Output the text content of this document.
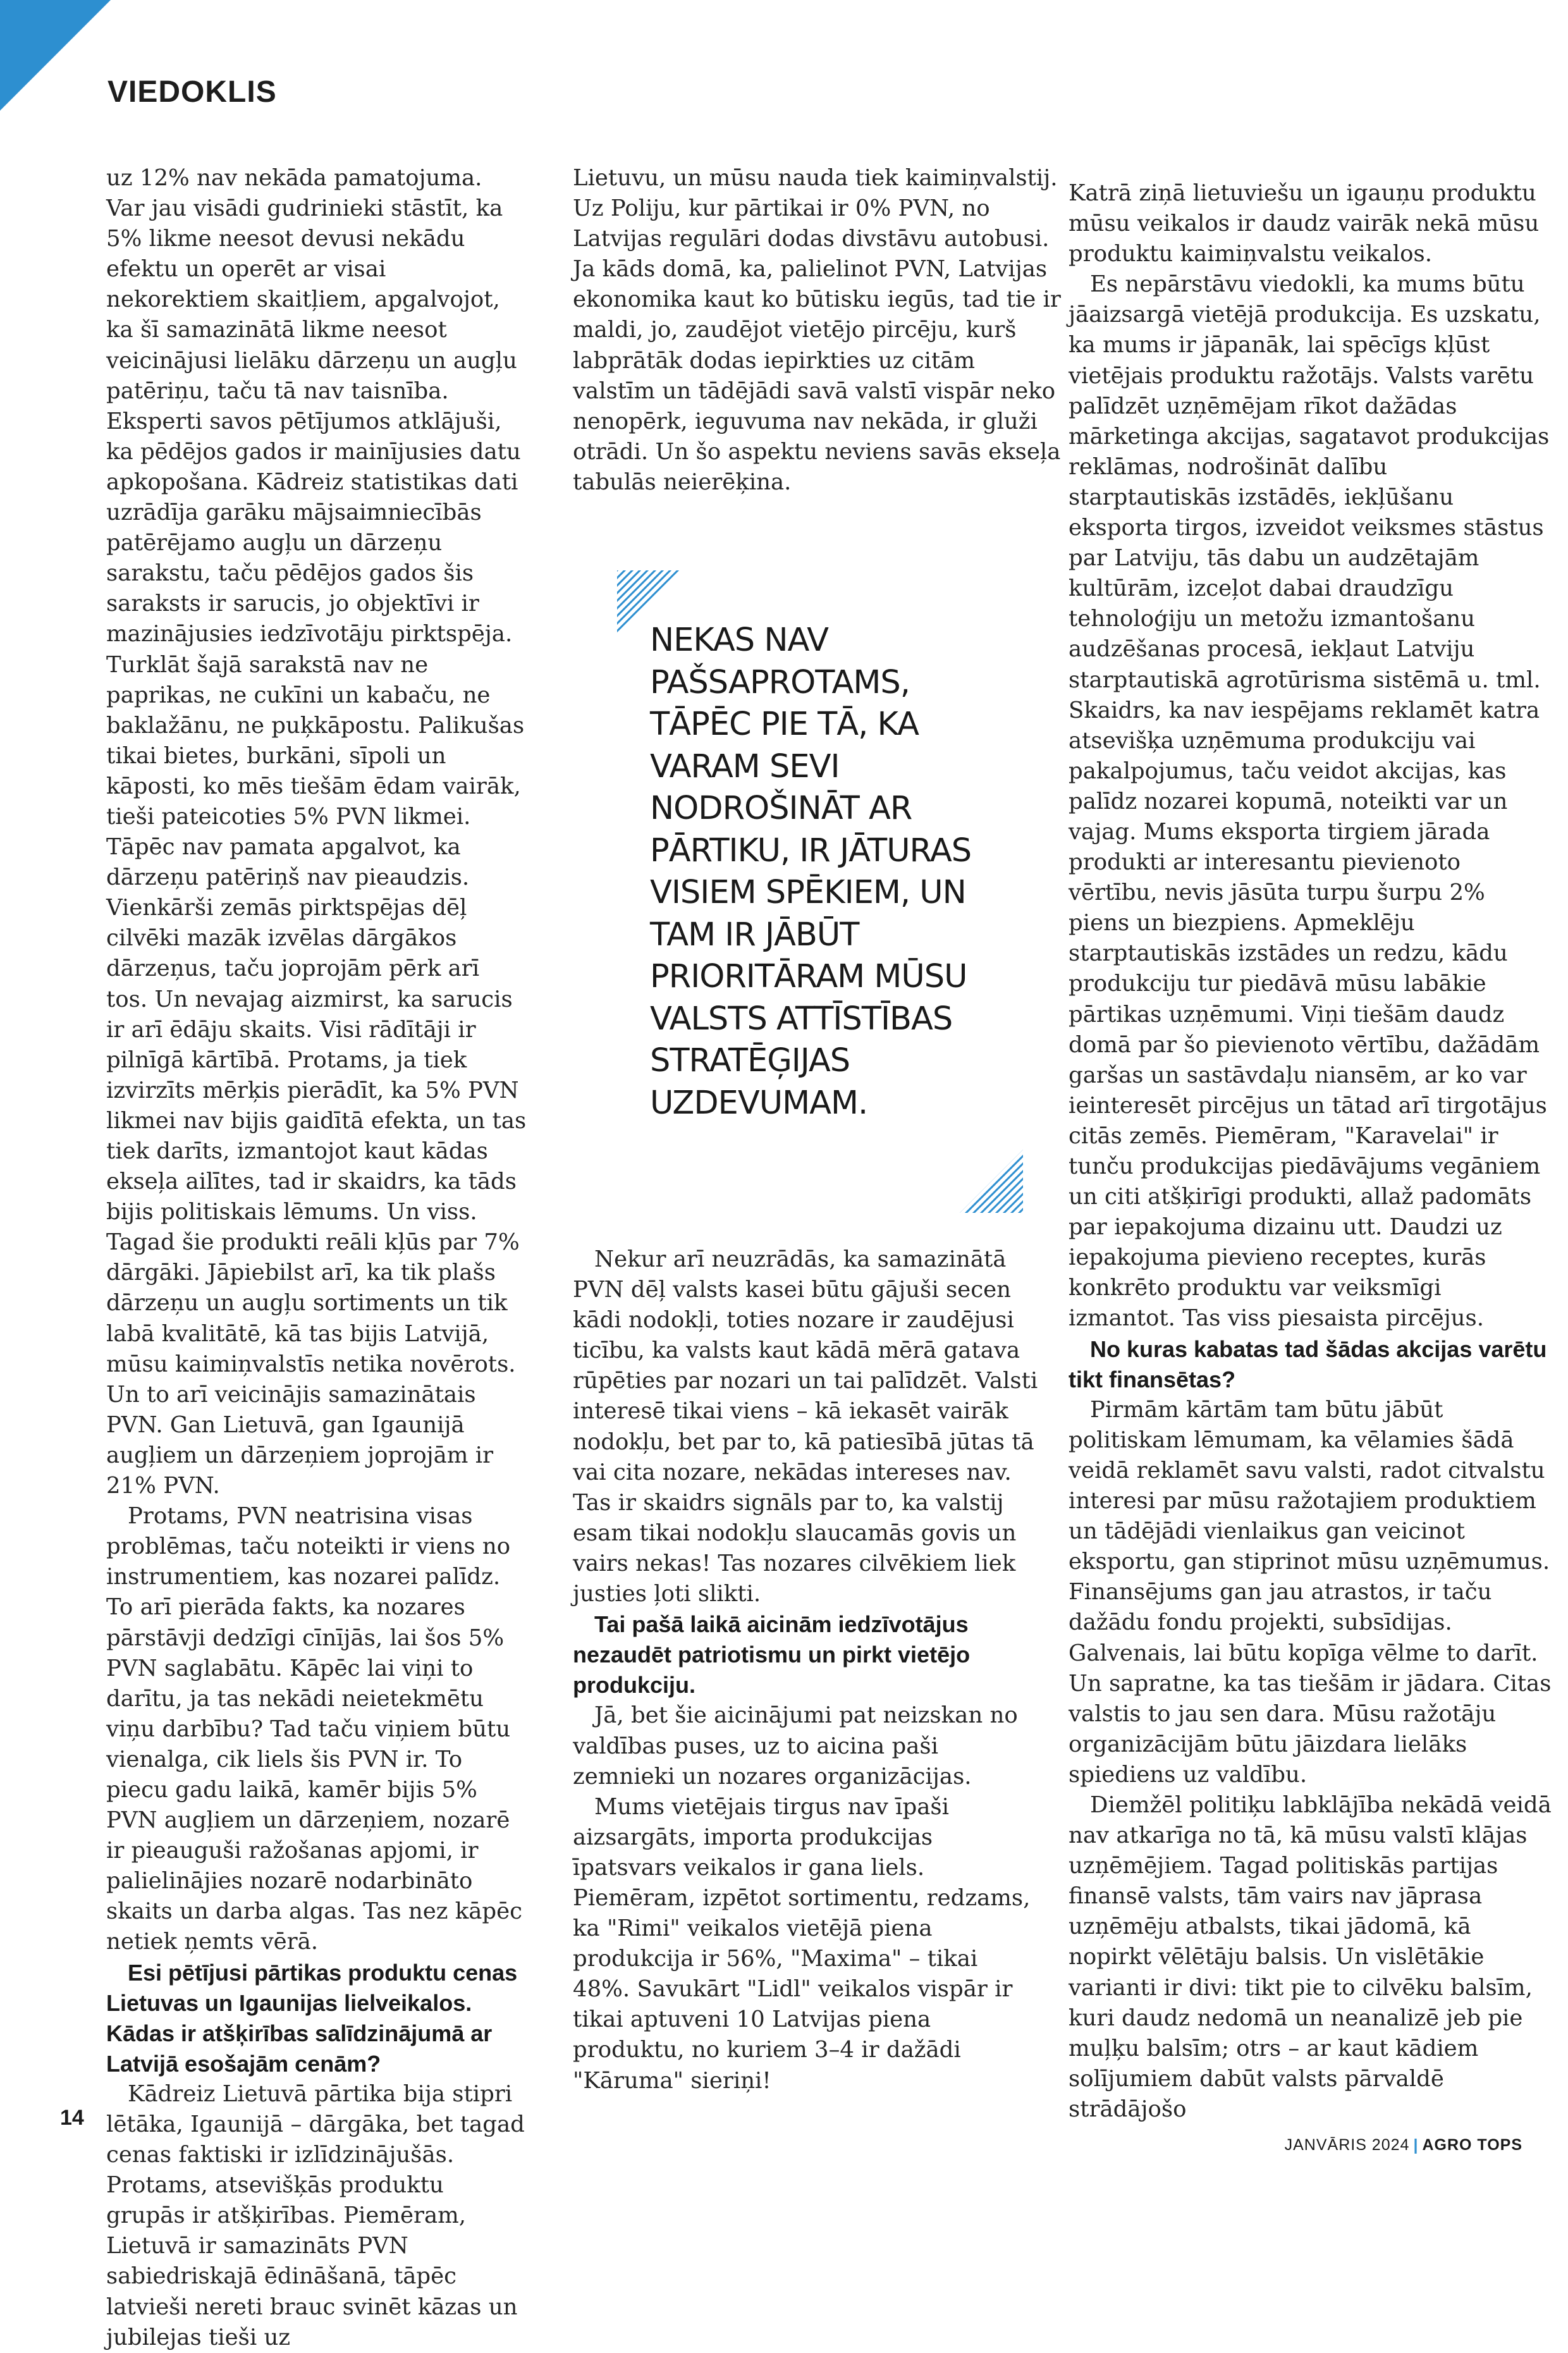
VIEDOKLIS

uz 12% nav nekāda pamatojuma. Var jau visādi gudrinieki stāstīt, ka 5% likme neesot devusi nekādu efektu un operēt ar visai nekorektiem skaitļiem, apgalvojot, ka šī samazinātā likme neesot veicinājusi lielāku dārzeņu un augļu patēriņu, taču tā nav taisnība. Eksperti savos pētījumos atklājuši, ka pēdējos gados ir mainījusies datu apkopošana. Kādreiz statistikas dati uzrādīja garāku mājsaimniecībās patērējamo augļu un dārzeņu sarakstu, taču pēdējos gados šis saraksts ir sarucis, jo objektīvi ir mazinājusies iedzīvotāju pirktspēja. Turklāt šajā sarakstā nav ne paprikas, ne cukīni un kabaču, ne baklažānu, ne puķkāpostu. Palikušas tikai bietes, burkāni, sīpoli un kāposti, ko mēs tiešām ēdam vairāk, tieši pateicoties 5% PVN likmei. Tāpēc nav pamata apgalvot, ka dārzeņu patēriņš nav pieaudzis. Vienkārši zemās pirktspējas dēļ cilvēki mazāk izvēlas dārgākos dārzeņus, taču joprojām pērk arī tos. Un nevajag aizmirst, ka sarucis ir arī ēdāju skaits. Visi rādītāji ir pilnīgā kārtībā. Protams, ja tiek izvirzīts mērķis pierādīt, ka 5% PVN likmei nav bijis gaidītā efekta, un tas tiek darīts, izmantojot kaut kādas ekseļa ailītes, tad ir skaidrs, ka tāds bijis politiskais lēmums. Un viss. Tagad šie produkti reāli kļūs par 7% dārgāki. Jāpiebilst arī, ka tik plašs dārzeņu un augļu sortiments un tik labā kvalitātē, kā tas bijis Latvijā, mūsu kaimiņvalstīs netika novērots. Un to arī veicinājis samazinātais PVN. Gan Lietuvā, gan Igaunijā augļiem un dārzeņiem joprojām ir 21% PVN.

Protams, PVN neatrisina visas problēmas, taču noteikti ir viens no instrumentiem, kas nozarei palīdz. To arī pierāda fakts, ka nozares pārstāvji dedzīgi cīnījās, lai šos 5% PVN saglabātu. Kāpēc lai viņi to darītu, ja tas nekādi neietekmētu viņu darbību? Tad taču viņiem būtu vienalga, cik liels šis PVN ir. To piecu gadu laikā, kamēr bijis 5% PVN augļiem un dārzeņiem, nozarē ir pieauguši ražošanas apjomi, ir palielinājies nozarē nodarbināto skaits un darba algas. Tas nez kāpēc netiek ņemts vērā.

Esi pētījusi pārtikas produktu cenas Lietuvas un Igaunijas lielveikalos. Kādas ir atšķirības salīdzinājumā ar Latvijā esošajām cenām?

Kādreiz Lietuvā pārtika bija stipri lētāka, Igaunijā – dārgāka, bet tagad cenas faktiski ir izlīdzinājušās. Protams, atsevišķās produktu grupās ir atšķirības. Piemēram, Lietuvā ir samazināts PVN sabiedriskajā ēdināšanā, tāpēc latvieši nereti brauc svinēt kāzas un jubilejas tieši uz

Lietuvu, un mūsu nauda tiek kaimiņvalstij. Uz Poliju, kur pārtikai ir 0% PVN, no Latvijas regulāri dodas divstāvu autobusi. Ja kāds domā, ka, palielinot PVN, Latvijas ekonomika kaut ko būtisku iegūs, tad tie ir maldi, jo, zaudējot vietējo pircēju, kurš labprātāk dodas iepirkties uz citām valstīm un tādējādi savā valstī vispār neko nenopērk, ieguvuma nav nekāda, ir gluži otrādi. Un šo aspektu neviens savās ekseļa tabulās neierēķina.

NEKAS NAV PAŠSAPROTAMS, TĀPĒC PIE TĀ, KA VARAM SEVI NODROŠINĀT AR PĀRTIKU, IR JĀTURAS VISIEM SPĒKIEM, UN TAM IR JĀBŪT PRIORITĀRAM MŪSU VALSTS ATTĪSTĪBAS STRATĒĢIJAS UZDEVUMAM.

Nekur arī neuzrādās, ka samazinātā PVN dēļ valsts kasei būtu gājuši secen kādi nodokļi, toties nozare ir zaudējusi ticību, ka valsts kaut kādā mērā gatava rūpēties par nozari un tai palīdzēt. Valsti interesē tikai viens – kā iekasēt vairāk nodokļu, bet par to, kā patiesībā jūtas tā vai cita nozare, nekādas intereses nav. Tas ir skaidrs signāls par to, ka valstij esam tikai nodokļu slaucamās govis un vairs nekas! Tas nozares cilvēkiem liek justies ļoti slikti.

Tai pašā laikā aicinām iedzīvotājus nezaudēt patriotismu un pirkt vietējo produkciju.

Jā, bet šie aicinājumi pat neizskan no valdības puses, uz to aicina paši zemnieki un nozares organizācijas.

Mums vietējais tirgus nav īpaši aizsargāts, importa produkcijas īpatsvars veikalos ir gana liels. Piemēram, izpētot sortimentu, redzams, ka "Rimi" veikalos vietējā piena produkcija ir 56%, "Maxima" – tikai 48%. Savukārt "Lidl" veikalos vispār ir tikai aptuveni 10 Latvijas piena produktu, no kuriem 3–4 ir dažādi "Kāruma" sieriņi!

Katrā ziņā lietuviešu un igauņu produktu mūsu veikalos ir daudz vairāk nekā mūsu produktu kaimiņvalstu veikalos.

Es nepārstāvu viedokli, ka mums būtu jāaizsargā vietējā produkcija. Es uzskatu, ka mums ir jāpanāk, lai spēcīgs kļūst vietējais produktu ražotājs. Valsts varētu palīdzēt uzņēmējam rīkot dažādas mārketinga akcijas, sagatavot produkcijas reklāmas, nodrošināt dalību starptautiskās izstādēs, iekļūšanu eksporta tirgos, izveidot veiksmes stāstus par Latviju, tās dabu un audzētajām kultūrām, izceļot dabai draudzīgu tehnoloģiju un metožu izmantošanu audzēšanas procesā, iekļaut Latviju starptautiskā agrotūrisma sistēmā u. tml. Skaidrs, ka nav iespējams reklamēt katra atsevišķa uzņēmuma produkciju vai pakalpojumus, taču veidot akcijas, kas palīdz nozarei kopumā, noteikti var un vajag. Mums eksporta tirgiem jārada produkti ar interesantu pievienoto vērtību, nevis jāsūta turpu šurpu 2% piens un biezpiens. Apmeklēju starptautiskās izstādes un redzu, kādu produkciju tur piedāvā mūsu labākie pārtikas uzņēmumi. Viņi tiešām daudz domā par šo pievienoto vērtību, dažādām garšas un sastāvdaļu niansēm, ar ko var ieinteresēt pircējus un tātad arī tirgotājus citās zemēs. Piemēram, "Karavelai" ir tunču produkcijas piedāvājums vegāniem un citi atšķirīgi produkti, allaž padomāts par iepakojuma dizainu utt. Daudzi uz iepakojuma pievieno receptes, kurās konkrēto produktu var veiksmīgi izmantot. Tas viss piesaista pircējus.

No kuras kabatas tad šādas akcijas varētu tikt finansētas?

Pirmām kārtām tam būtu jābūt politiskam lēmumam, ka vēlamies šādā veidā reklamēt savu valsti, radot citvalstu interesi par mūsu ražotajiem produktiem un tādējādi vienlaikus gan veicinot eksportu, gan stiprinot mūsu uzņēmumus. Finansējums gan jau atrastos, ir taču dažādu fondu projekti, subsīdijas. Galvenais, lai būtu kopīga vēlme to darīt. Un sapratne, ka tas tiešām ir jādara. Citas valstis to jau sen dara. Mūsu ražotāju organizācijām būtu jāizdara lielāks spiediens uz valdību.

Diemžēl politiķu labklājība nekādā veidā nav atkarīga no tā, kā mūsu valstī klājas uzņēmējiem. Tagad politiskās partijas finansē valsts, tām vairs nav jāprasa uzņēmēju atbalsts, tikai jādomā, kā nopirkt vēlētāju balsis. Un vislētākie varianti ir divi: tikt pie to cilvēku balsīm, kuri daudz nedomā un neanalizē jeb pie muļķu balsīm; otrs – ar kaut kādiem solījumiem dabūt valsts pārvaldē strādājošo

14

JANVĀRIS 2024 | AGRO TOPS
